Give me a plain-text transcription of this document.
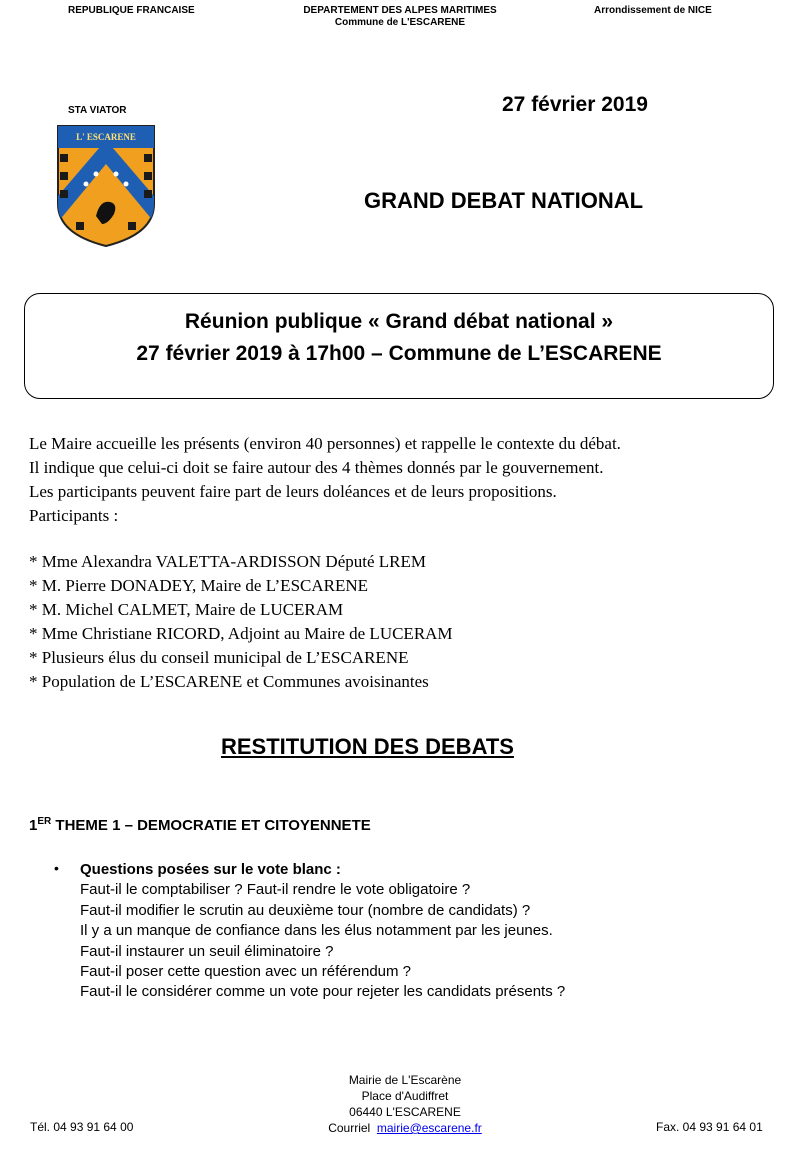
REPUBLIQUE FRANCAISE	DEPARTEMENT DES ALPES MARITIMES
Commune de L'ESCARENE
Arrondissement de NICE
STA VIATOR	27 février 2019
L' ESCARENE
GRAND DEBAT NATIONAL
Réunion publique « Grand débat national »
27 février 2019 à 17h00 – Commune de L’ESCARENE
Le Maire accueille les présents (environ 40 personnes) et rappelle le contexte du débat.
Il indique que celui-ci doit se faire autour des 4 thèmes donnés par le gouvernement.
Les participants peuvent faire part de leurs doléances et de leurs propositions.
Participants :
* Mme Alexandra VALETTA-ARDISSON Député LREM
* M. Pierre DONADEY, Maire de L’ESCARENE
* M. Michel CALMET, Maire de LUCERAM
* Mme Christiane RICORD, Adjoint au Maire de LUCERAM
* Plusieurs élus du conseil municipal de L’ESCARENE
* Population de L’ESCARENE et Communes avoisinantes
RESTITUTION DES DEBATS
1ER THEME 1 – DEMOCRATIE ET CITOYENNETE
• Questions posées sur le vote blanc :
Faut-il le comptabiliser ? Faut-il rendre le vote obligatoire ?
Faut-il modifier le scrutin au deuxième tour (nombre de candidats) ?
Il y a un manque de confiance dans les élus notamment par les jeunes.
Faut-il instaurer un seuil éliminatoire ?
Faut-il poser cette question avec un référendum ?
Faut-il le considérer comme un vote pour rejeter les candidats présents ?
Mairie de L'Escarène
Place d'Audiffret
06440 L'ESCARENE
Courriel mairie@escarene.fr
Tél. 04 93 91 64 00	Fax. 04 93 91 64 01
